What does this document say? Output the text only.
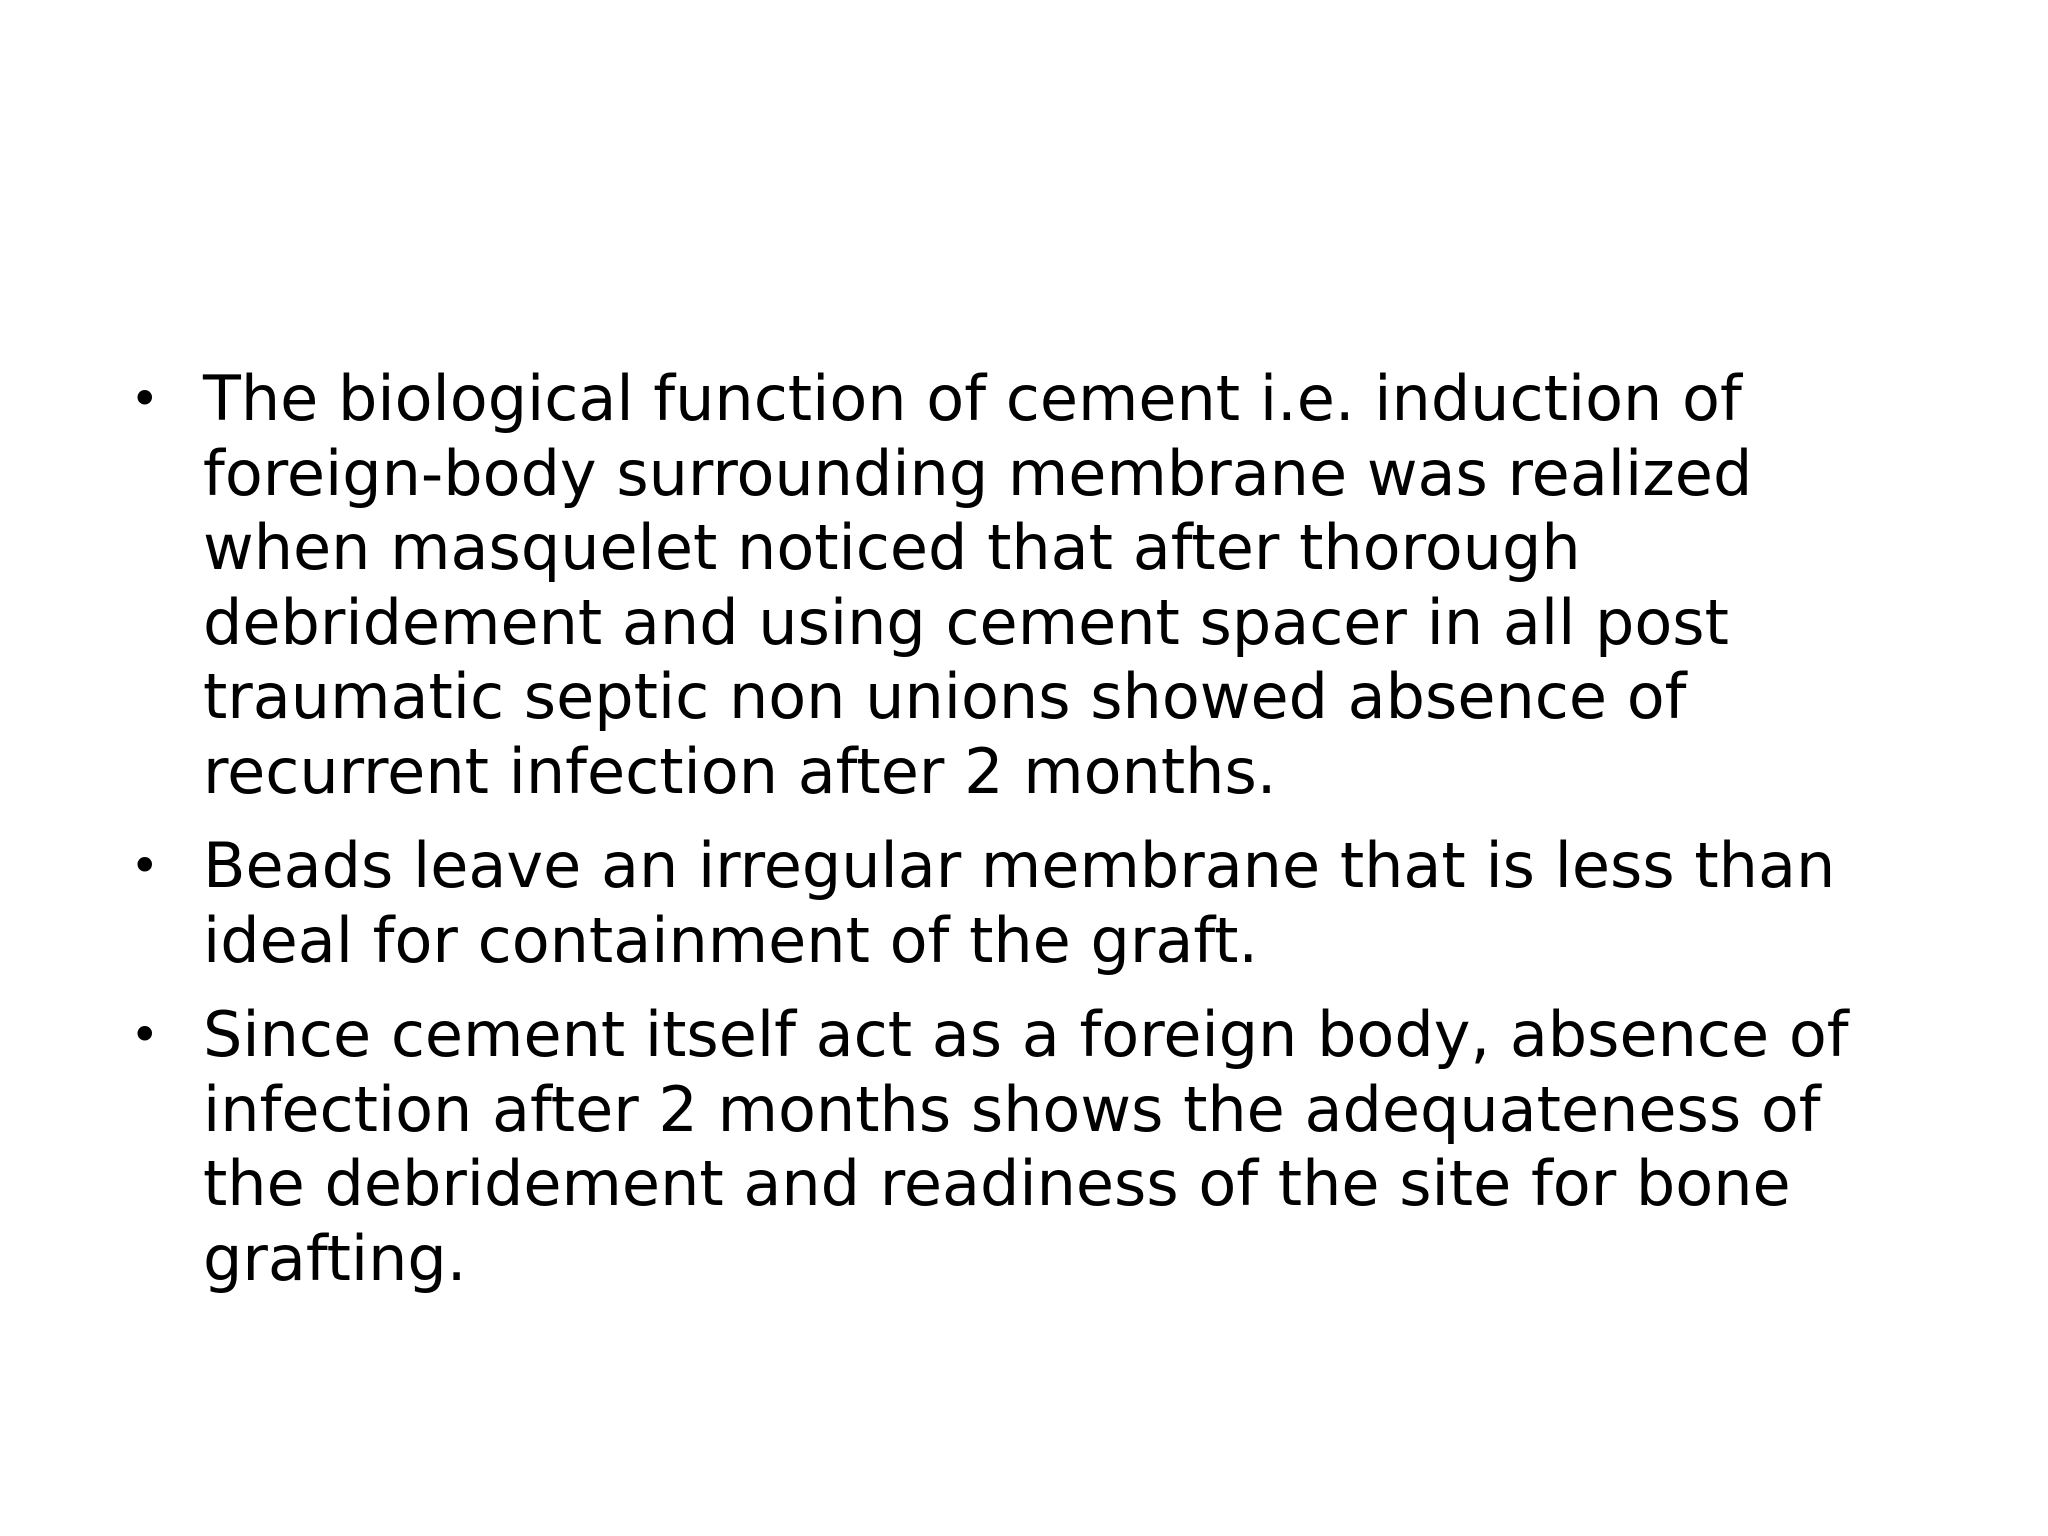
• The biological function of cement i.e. induction of
foreign-body surrounding membrane was realized
when masquelet noticed that after thorough
debridement and using cement spacer in all post
traumatic septic non unions showed absence of
recurrent infection after 2 months.
• Beads leave an irregular membrane that is less than
ideal for containment of the graft.
• Since cement itself act as a foreign body, absence of
infection after 2 months shows the adequateness of
the debridement and readiness of the site for bone
grafting.
